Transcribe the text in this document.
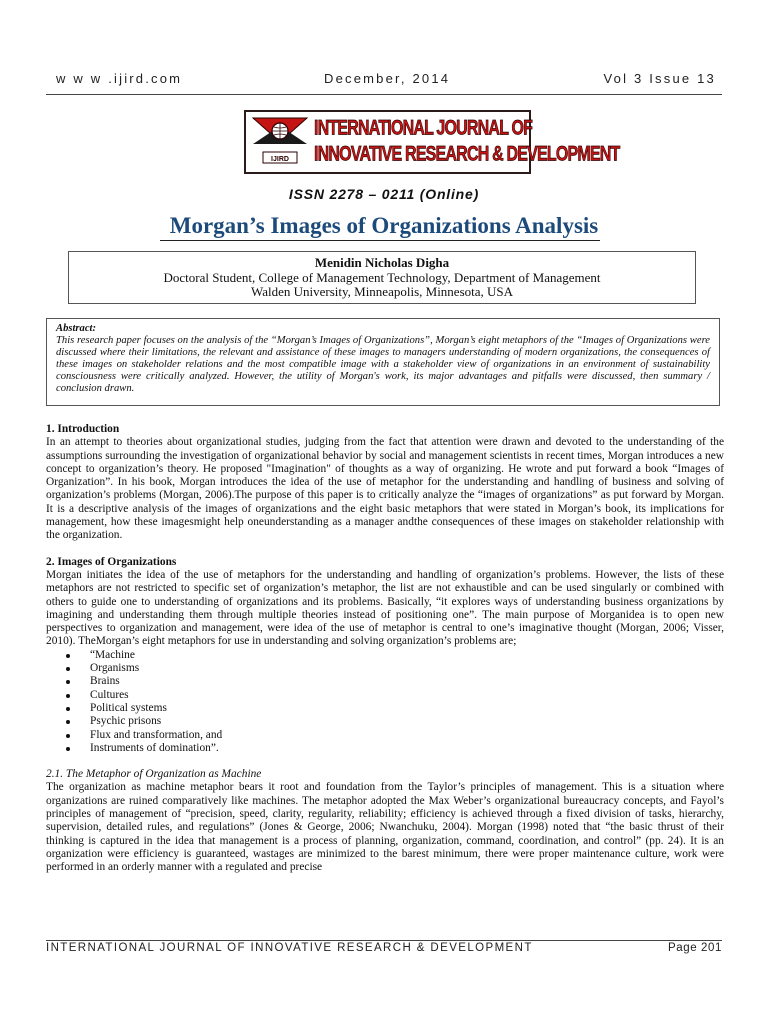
w w w .ijird.com	December, 2014	Vol 3 Issue 13
IJIRD
INTERNATIONAL JOURNAL OF
INNOVATIVE RESEARCH & DEVELOPMENT
ISSN 2278 – 0211 (Online)
Morgan’s Images of Organizations Analysis
Menidin Nicholas Digha
Doctoral Student, College of Management Technology, Department of Management
Walden University, Minneapolis, Minnesota, USA
Abstract:
This research paper focuses on the analysis of the “Morgan’s Images of Organizations”, Morgan’s eight metaphors of the “Images of Organizations were discussed where their limitations, the relevant and assistance of these images to managers understanding of modern organizations, the consequences of these images on stakeholder relations and the most compatible image with a stakeholder view of organizations in an environment of sustainability consciousness were critically analyzed. However, the utility of Morgan's work, its major advantages and pitfalls were discussed, then summary / conclusion drawn.
1. Introduction

In an attempt to theories about organizational studies, judging from the fact that attention were drawn and devoted to the understanding of the assumptions surrounding the investigation of organizational behavior by social and management scientists in recent times, Morgan introduces a new concept to organization’s theory. He proposed "Imagination" of thoughts as a way of organizing. He wrote and put forward a book “Images of Organization”. In his book, Morgan introduces the idea of the use of metaphor for the understanding and handling of business and solving of organization’s problems (Morgan, 2006).The purpose of this paper is to critically analyze the “images of organizations” as put forward by Morgan. It is a descriptive analysis of the images of organizations and the eight basic metaphors that were stated in Morgan’s book, its implications for management, how these imagesmight help oneunderstanding as a manager andthe consequences of these images on stakeholder relationship with the organization.

2. Images of Organizations

Morgan initiates the idea of the use of metaphors for the understanding and handling of organization’s problems. However, the lists of these metaphors are not restricted to specific set of organization’s metaphor, the list are not exhaustible and can be used singularly or combined with others to guide one to understanding of organizations and its problems. Basically, “it explores ways of understanding business organizations by imagining and understanding them through multiple theories instead of positioning one”. The main purpose of Morganidea is to open new perspectives to organization and management, were idea of the use of metaphor is central to one’s imaginative thought (Morgan, 2006; Visser, 2010). TheMorgan’s eight metaphors for use in understanding and solving organization’s problems are;

“Machine
Organisms
Brains
Cultures
Political systems
Psychic prisons
Flux and transformation, and
Instruments of domination”.

2.1. The Metaphor of Organization as Machine

The organization as machine metaphor bears it root and foundation from the Taylor’s principles of management. This is a situation where organizations are ruined comparatively like machines. The metaphor adopted the Max Weber’s organizational bureaucracy concepts, and Fayol’s principles of management of “precision, speed, clarity, regularity, reliability; efficiency is achieved through a fixed division of tasks, hierarchy, supervision, detailed rules, and regulations” (Jones & George, 2006; Nwanchuku, 2004). Morgan (1998) noted that “the basic thrust of their thinking is captured in the idea that management is a process of planning, organization, command, coordination, and control” (pp. 24). It is an organization were efficiency is guaranteed, wastages are minimized to the barest minimum, there were proper maintenance culture, work were performed in an orderly manner with a regulated and precise

INTERNATIONAL JOURNAL OF INNOVATIVE RESEARCH & DEVELOPMENT	Page 201
